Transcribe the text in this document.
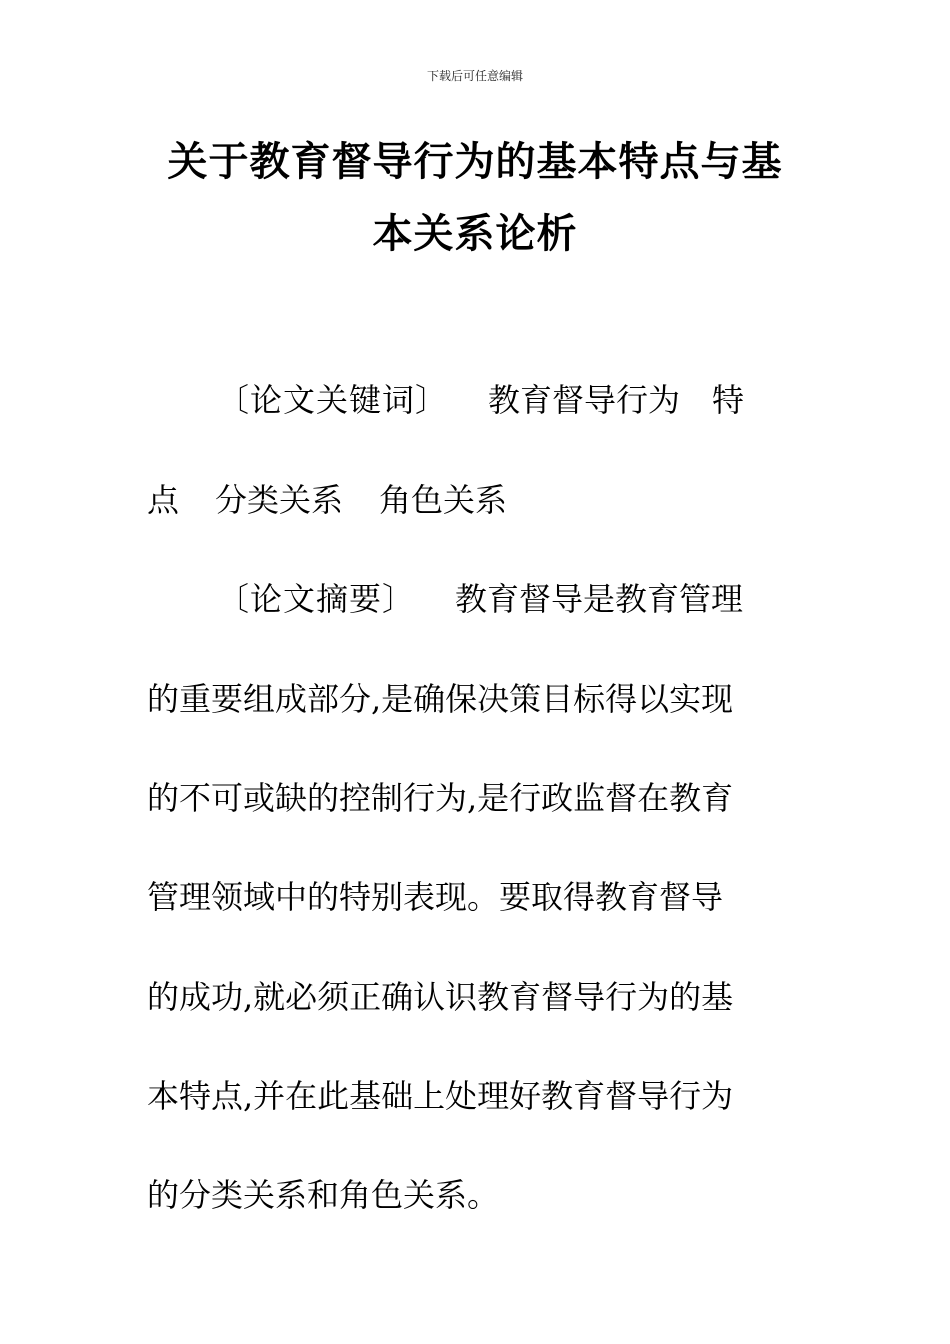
下载后可任意编辑
关于教育督导行为的基本特点与基
本关系论析
〔论文关键词〕 教育督导行为　特
点 分类关系 角色关系
〔论文摘要〕 教育督导是教育管理
的重要组成部分,是确保决策目标得以实现
的不可或缺的控制行为,是行政监督在教育
管理领域中的特别表现。要取得教育督导
的成功,就必须正确认识教育督导行为的基
本特点,并在此基础上处理好教育督导行为
的分类关系和角色关系。
